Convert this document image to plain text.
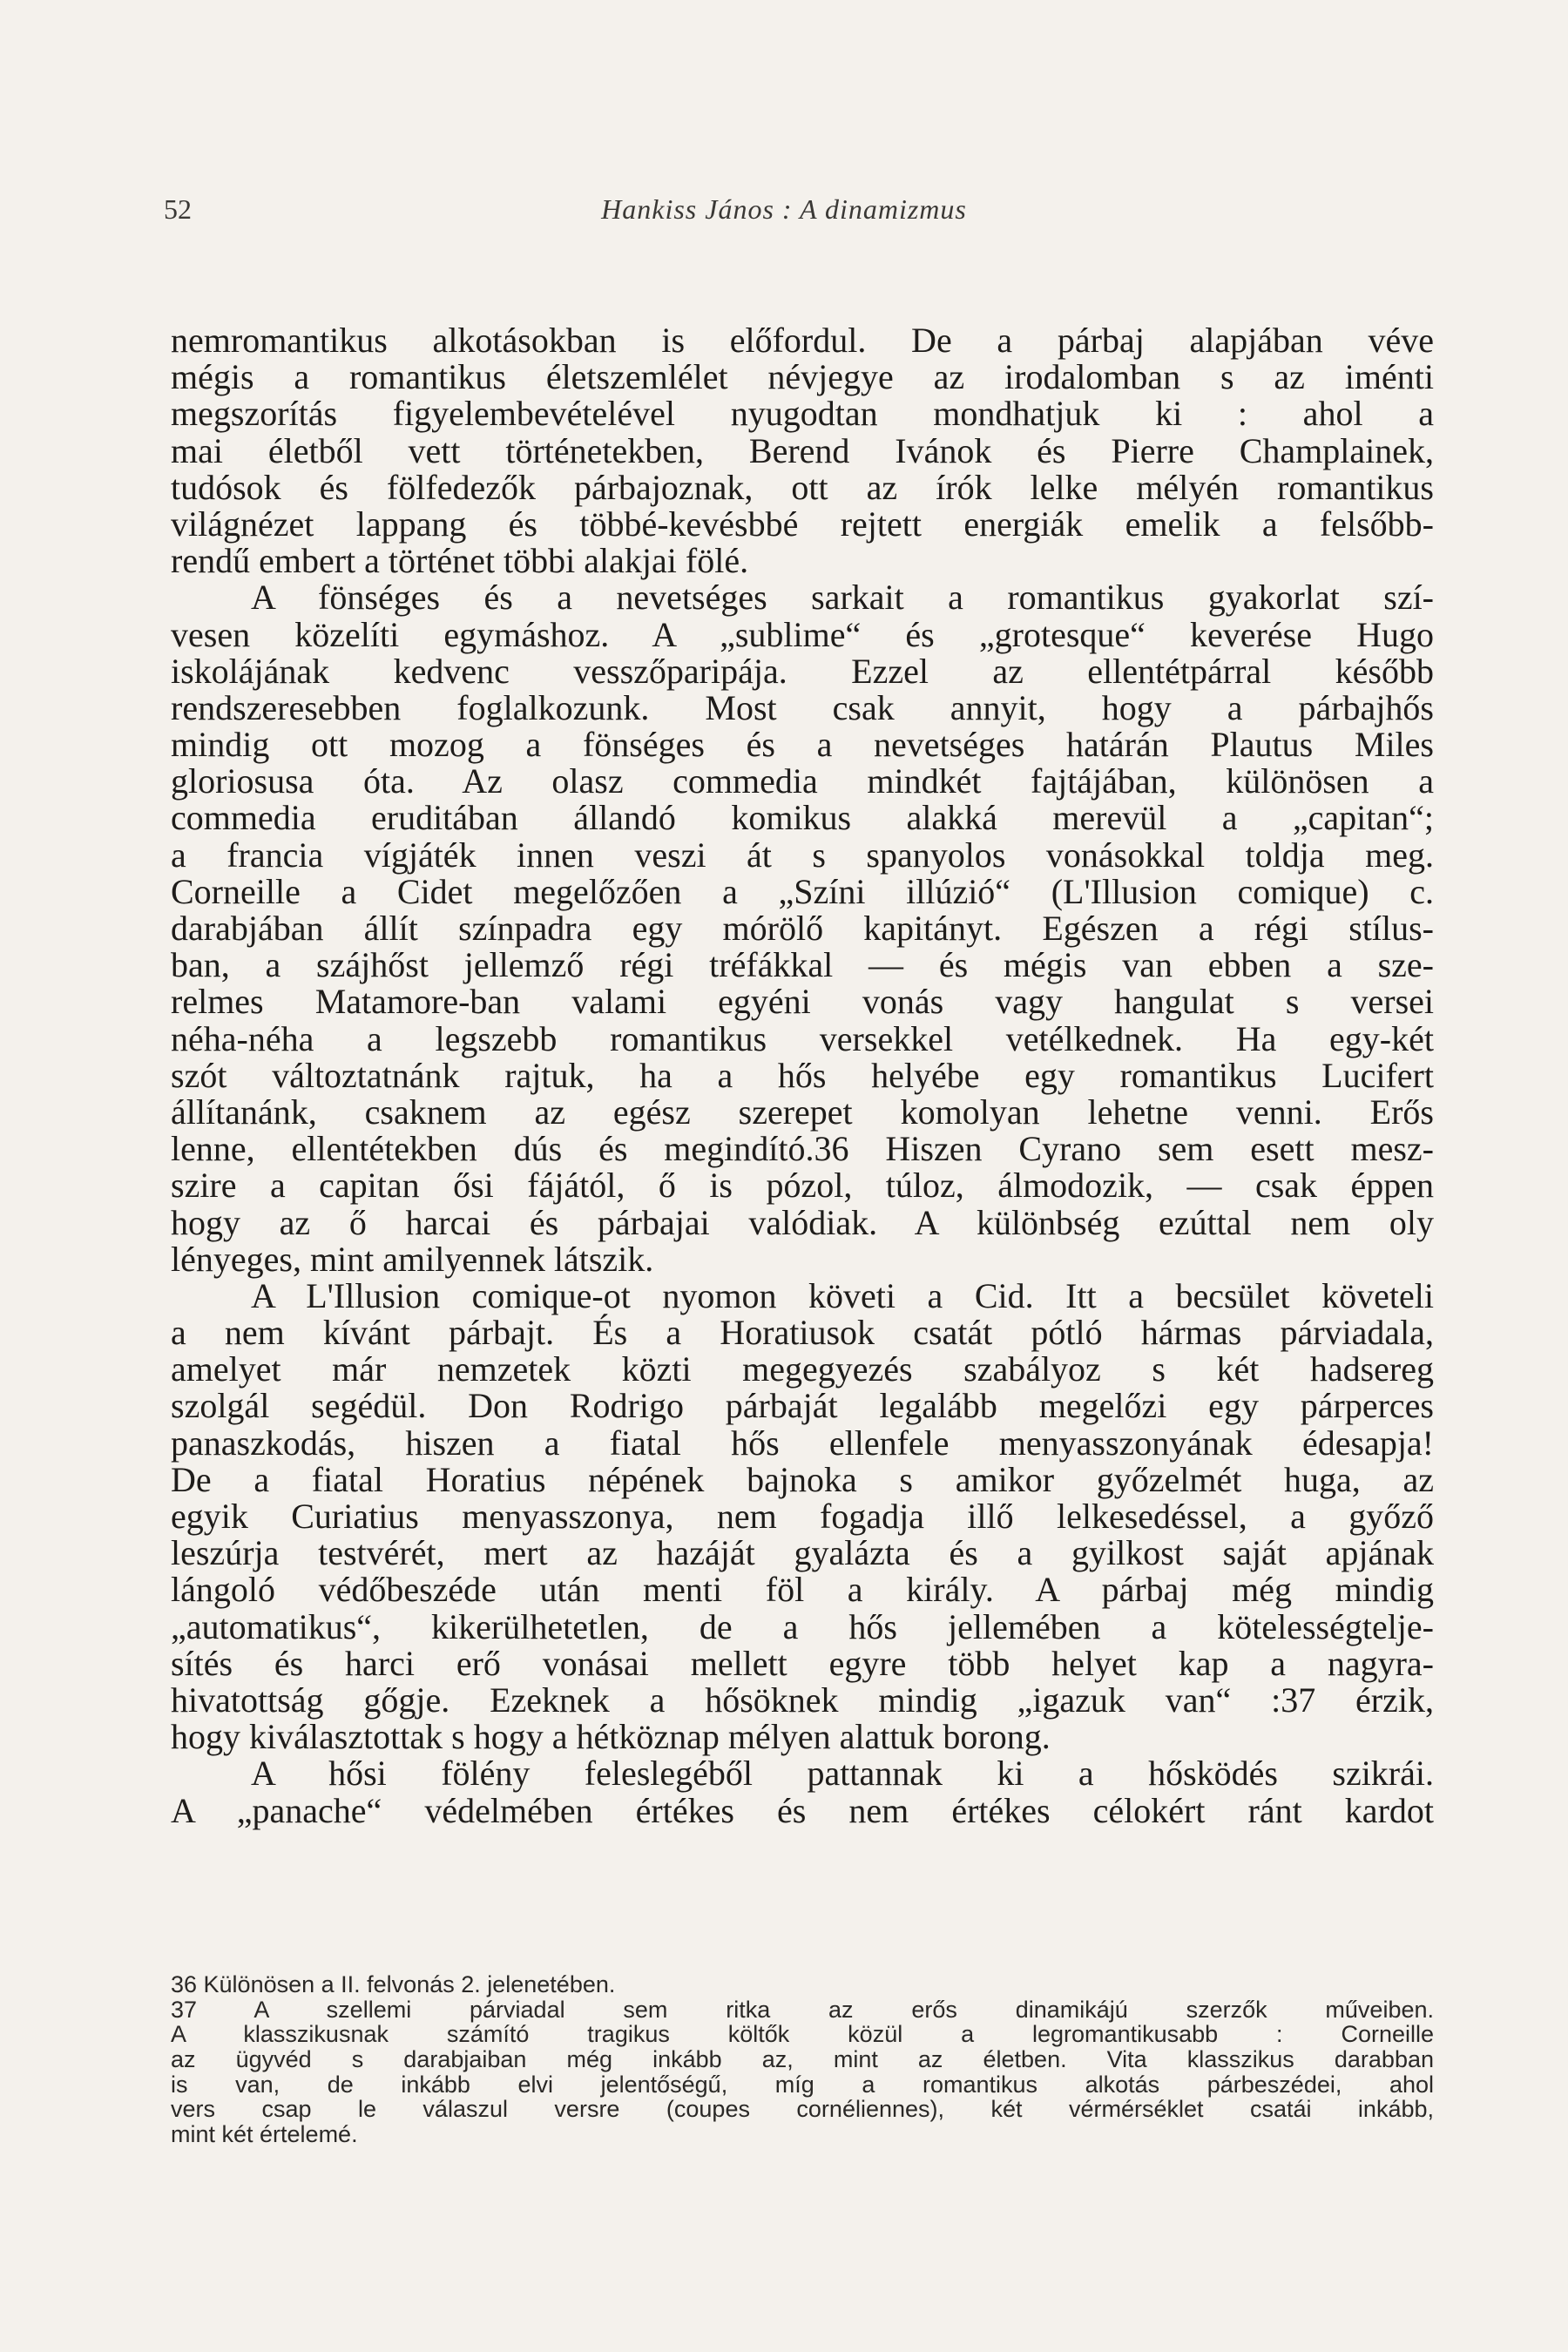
52	Hankiss János : A dinamizmus
nemromantikus alkotásokban is előfordul. De a párbaj alapjában véve
mégis a romantikus életszemlélet névjegye az irodalomban s az iménti
megszorítás figyelembevételével nyugodtan mondhatjuk ki : ahol a
mai életből vett történetekben, Berend Ivánok és Pierre Champlainek,
tudósok és fölfedezők párbajoznak, ott az írók lelke mélyén romantikus
világnézet lappang és többé-kevésbbé rejtett energiák emelik a felsőbb-
rendű embert a történet többi alakjai fölé.
A fönséges és a nevetséges sarkait a romantikus gyakorlat szí-
vesen közelíti egymáshoz. A „sublime“ és „grotesque“ keverése Hugo
iskolájának kedvenc vesszőparipája. Ezzel az ellentétpárral később
rendszeresebben foglalkozunk. Most csak annyit, hogy a párbajhős
mindig ott mozog a fönséges és a nevetséges határán Plautus Miles
gloriosusa óta. Az olasz commedia mindkét fajtájában, különösen a
commedia eruditában állandó komikus alakká merevül a „capitan“;
a francia vígjáték innen veszi át s spanyolos vonásokkal toldja meg.
Corneille a Cidet megelőzően a „Színi illúzió“ (L'Illusion comique) c.
darabjában állít színpadra egy mórölő kapitányt. Egészen a régi stílus-
ban, a szájhőst jellemző régi tréfákkal — és mégis van ebben a sze-
relmes Matamore-ban valami egyéni vonás vagy hangulat s versei
néha-néha a legszebb romantikus versekkel vetélkednek. Ha egy-két
szót változtatnánk rajtuk, ha a hős helyébe egy romantikus Lucifert
állítanánk, csaknem az egész szerepet komolyan lehetne venni. Erős
lenne, ellentétekben dús és megindító.36 Hiszen Cyrano sem esett mesz-
szire a capitan ősi fájától, ő is pózol, túloz, álmodozik, — csak éppen
hogy az ő harcai és párbajai valódiak. A különbség ezúttal nem oly
lényeges, mint amilyennek látszik.
A L'Illusion comique-ot nyomon követi a Cid. Itt a becsület követeli
a nem kívánt párbajt. És a Horatiusok csatát pótló hármas párviadala,
amelyet már nemzetek közti megegyezés szabályoz s két hadsereg
szolgál segédül. Don Rodrigo párbaját legalább megelőzi egy párperces
panaszkodás, hiszen a fiatal hős ellenfele menyasszonyának édesapja!
De a fiatal Horatius népének bajnoka s amikor győzelmét huga, az
egyik Curiatius menyasszonya, nem fogadja illő lelkesedéssel, a győző
leszúrja testvérét, mert az hazáját gyalázta és a gyilkost saját apjának
lángoló védőbeszéde után menti föl a király. A párbaj még mindig
„automatikus“, kikerülhetetlen, de a hős jellemében a kötelességtelje-
sítés és harci erő vonásai mellett egyre több helyet kap a nagyra-
hivatottság gőgje. Ezeknek a hősöknek mindig „igazuk van“ :37 érzik,
hogy kiválasztottak s hogy a hétköznap mélyen alattuk borong.
A hősi fölény feleslegéből pattannak ki a hősködés szikrái.
A „panache“ védelmében értékes és nem értékes célokért ránt kardot
36 Különösen a II. felvonás 2. jelenetében.
37 A szellemi párviadal sem ritka az erős dinamikájú szerzők műveiben.
A klasszikusnak számító tragikus költők közül a legromantikusabb : Corneille
az ügyvéd s darabjaiban még inkább az, mint az életben. Vita klasszikus darabban
is van, de inkább elvi jelentőségű, míg a romantikus alkotás párbeszédei, ahol
vers csap le válaszul versre (coupes cornéliennes), két vérmérséklet csatái inkább,
mint két értelemé.
